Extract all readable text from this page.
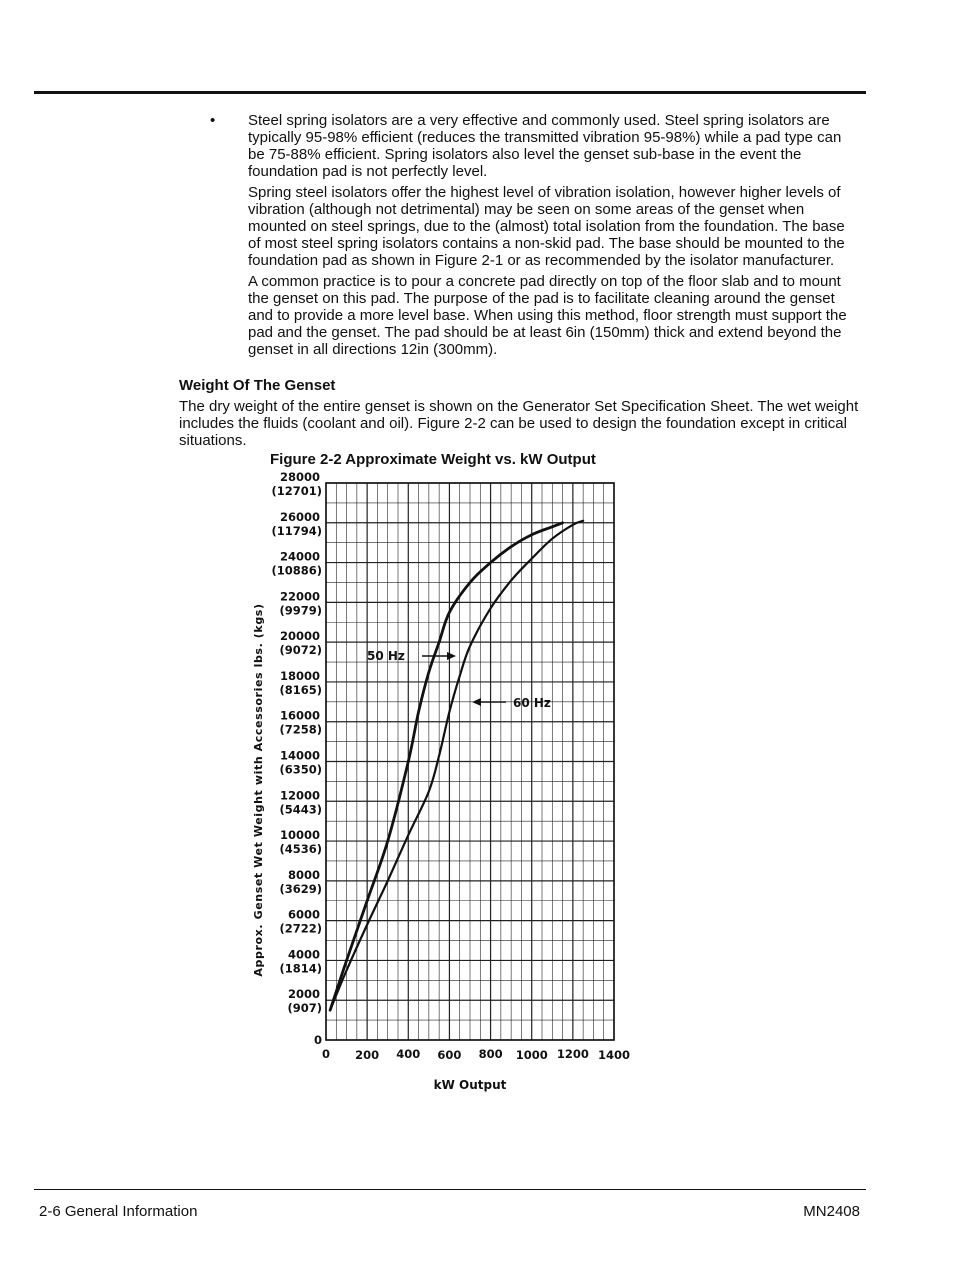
• Steel spring isolators are a very effective and commonly used. Steel spring isolators are typically 95-98% efficient (reduces the transmitted vibration 95-98%) while a pad type can be 75-88% efficient. Spring isolators also level the genset sub-base in the event the foundation pad is not perfectly level.

Spring steel isolators offer the highest level of vibration isolation, however higher levels of vibration (although not detrimental) may be seen on some areas of the genset when mounted on steel springs, due to the (almost) total isolation from the foundation. The base of most steel spring isolators contains a non-skid pad. The base should be mounted to the foundation pad as shown in Figure 2-1 or as recommended by the isolator manufacturer.

A common practice is to pour a concrete pad directly on top of the floor slab and to mount the genset on this pad. The purpose of the pad is to facilitate cleaning around the genset and to provide a more level base. When using this method, floor strength must support the pad and the genset. The pad should be at least 6in (150mm) thick and extend beyond the genset in all directions 12in (300mm).

Weight Of The Genset

The dry weight of the entire genset is shown on the Generator Set Specification Sheet. The wet weight includes the fluids (coolant and oil). Figure 2-2 can be used to design the foundation except in critical situations.

Figure 2-2 Approximate Weight vs. kW Output

0
2000
(907)
4000
(1814)
6000
(2722)
8000
(3629)
10000
(4536)
12000
(5443)
14000
(6350)
16000
(7258)
18000
(8165)
20000
(9072)
22000
(9979)
24000
(10886)
26000
(11794)
28000
(12701)
0 200 400 600 800 1000 1200 1400
Approx. Genset Wet Weight with Accessories lbs. (kgs)
kW Output
50 Hz
60 Hz
2-6 General Information	MN2408
